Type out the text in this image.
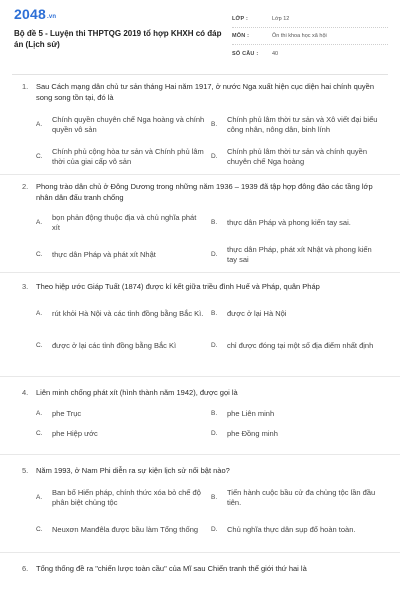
2048.vn
Bộ đề 5 - Luyện thi THPTQG 2019 tổ hợp KHXH có đáp án (Lịch sử)
LỚP :	Lớp 12
MÔN :	Ôn thi khoa học xã hội
SỐ CÂU :	40
1.	Sau Cách mạng dân chủ tư sản tháng Hai năm 1917, ở nước Nga xuất hiện cục diện hai chính quyền song song tồn tại, đó là
A.
Chính quyền chuyên chế Nga hoàng và chính quyền vô sản
B.
Chính phủ lâm thời tư sản và Xô viết đại biểu công nhân, nông dân, binh lính
C.
Chính phủ cộng hòa tư sản và Chính phủ lâm thời của giai cấp vô sản
D.
Chính phủ lâm thời tư sản và chính quyền chuyên chế Nga hoàng
2.	Phong trào dân chủ ở Đông Dương trong những năm 1936 – 1939 đã tập hợp đông đảo các tầng lớp nhân dân đấu tranh chống
A.
bọn phản động thuộc địa và chủ nghĩa phát xít
B.	thực dân Pháp và phong kiến tay sai.
C.	thực dân Pháp và phát xít Nhật	D.
thực dân Pháp, phát xít Nhật và phong kiến tay sai
3.	Theo hiệp ước Giáp Tuất (1874) được kí kết giữa triều đình Huế và Pháp, quân Pháp
A.	rút khỏi Hà Nội và các tỉnh đồng bằng Bắc Kì. B.	được ở lại Hà Nội
C.	được ở lại các tỉnh đồng bằng Bắc Kì	D.	chỉ được đóng tại một số địa điểm nhất định
4.	Liên minh chống phát xít (hình thành năm 1942), được gọi là
A.	phe Trục	B.	phe Liên minh
C.	phe Hiệp ước	D.	phe Đồng minh
5.	Năm 1993, ở Nam Phi diễn ra sự kiện lịch sử nổi bật nào?
A.
Ban bố Hiến pháp, chính thức xóa bỏ chế độ phân biệt chủng tộc
B.
Tiến hành cuộc bầu cử đa chủng tộc lần đầu tiên.
C.	Neuxơn Manđêla được bầu làm Tổng thống	D.	Chủ nghĩa thực dân sụp đổ hoàn toàn.
6.	Tổng thống đề ra "chiến lược toàn cầu" của Mĩ sau Chiến tranh thế giới thứ hai là
